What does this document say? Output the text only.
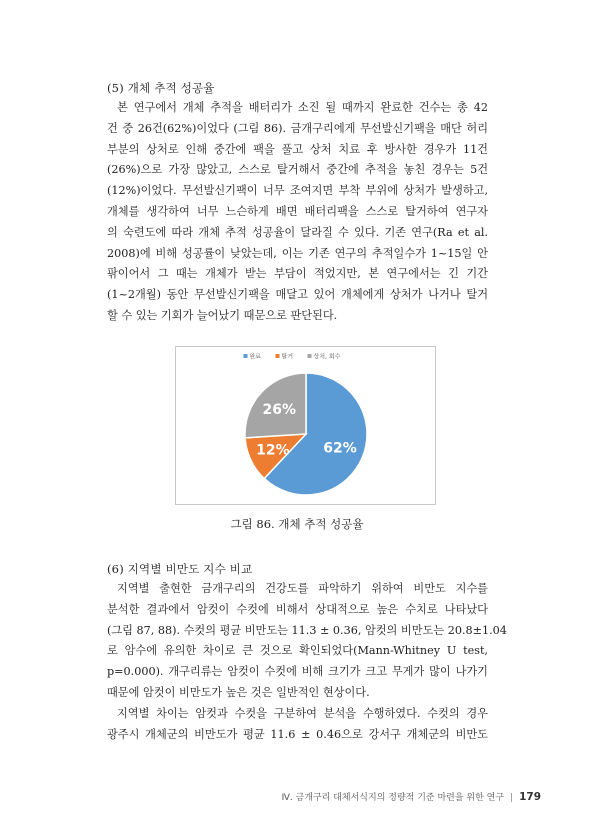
(5) 개체 추적 성공율
본 연구에서 개체 추적을 배터리가 소진 될 때까지 완료한 건수는 총 42
건 중 26건(62%)이었다 (그림 86). 금개구리에게 무선발신기팩을 매단 허리
부분의 상처로 인해 중간에 팩을 풀고 상처 치료 후 방사한 경우가 11건
(26%)으로 가장 많았고, 스스로 탈거해서 중간에 추적을 놓친 경우는 5건
(12%)이었다. 무선발신기팩이 너무 조여지면 부착 부위에 상처가 발생하고,
개체를 생각하여 너무 느슨하게 배면 배터리팩을 스스로 탈거하여 연구자
의 숙련도에 따라 개체 추적 성공율이 달라질 수 있다. 기존 연구(Ra et al.
2008)에 비해 성공률이 낮았는데, 이는 기존 연구의 추적일수가 1~15일 안
팎이어서 그 때는 개체가 받는 부담이 적었지만, 본 연구에서는 긴 기간
(1~2개월) 동안 무선발신기팩을 매달고 있어 개체에게 상처가 나거나 탈거
할 수 있는 기회가 늘어났기 때문으로 판단된다.
완료	탈거	상처, 회수
62%
12%
26%
그림 86. 개체 추적 성공율
(6) 지역별 비만도 지수 비교
지역별 출현한 금개구리의 건강도를 파악하기 위하여 비만도 지수를
분석한 결과에서 암컷이 수컷에 비해서 상대적으로 높은 수치로 나타났다
(그림 87, 88). 수컷의 평균 비만도는 11.3 ± 0.36, 암컷의 비만도는 20.8±1.04
로 암수에 유의한 차이로 큰 것으로 확인되었다(Mann-Whitney U test,
p=0.000). 개구리류는 암컷이 수컷에 비해 크기가 크고 무게가 많이 나가기
때문에 암컷이 비만도가 높은 것은 일반적인 현상이다.
지역별 차이는 암컷과 수컷을 구분하여 분석을 수행하였다. 수컷의 경우
광주시 개체군의 비만도가 평균 11.6 ± 0.46으로 강서구 개체군의 비만도
Ⅳ. 금개구리 대체서식지의 정량적 기준 마련을 위한 연구 | 179
